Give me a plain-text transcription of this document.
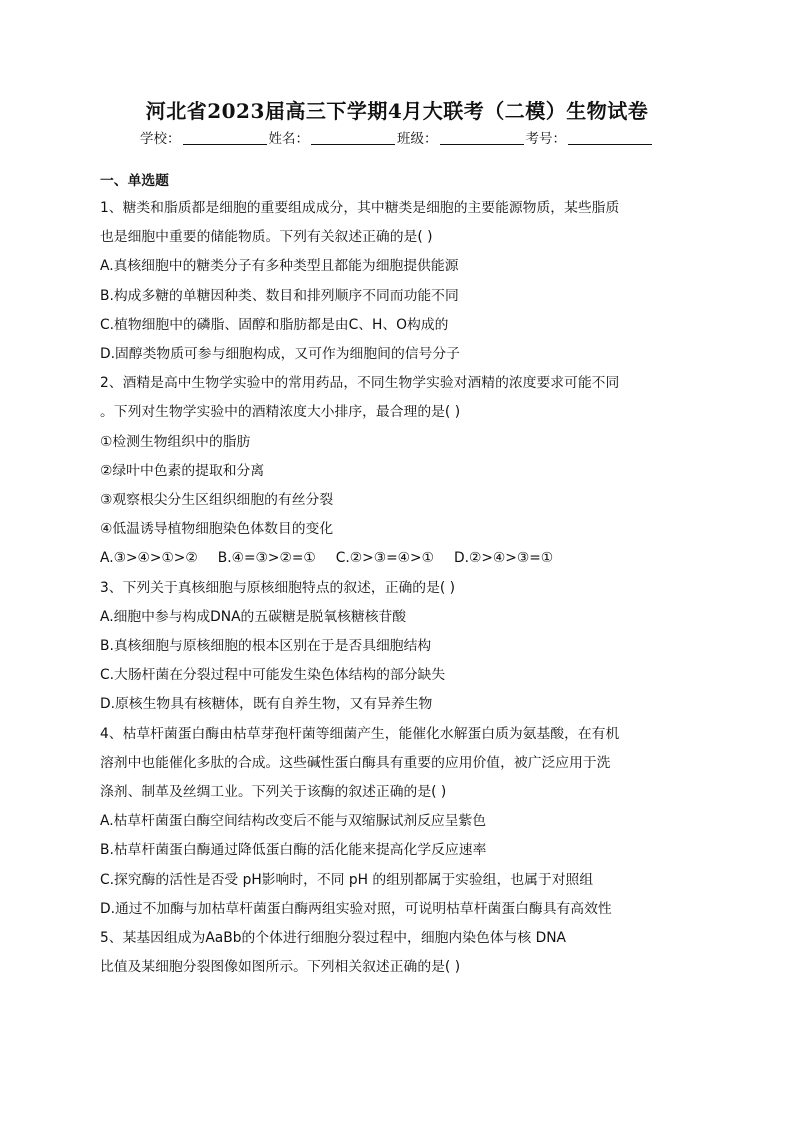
河北省2023届高三下学期4月大联考（二模）生物试卷
学校：	姓名：	班级：	考号：
一、单选题
1、糖类和脂质都是细胞的重要组成成分，其中糖类是细胞的主要能源物质，某些脂质
也是细胞中重要的储能物质。下列有关叙述正确的是( )
A.真核细胞中的糖类分子有多种类型且都能为细胞提供能源
B.构成多糖的单糖因种类、数目和排列顺序不同而功能不同
C.植物细胞中的磷脂、固醇和脂肪都是由C、H、O构成的
D.固醇类物质可参与细胞构成，又可作为细胞间的信号分子
2、酒精是高中生物学实验中的常用药品，不同生物学实验对酒精的浓度要求可能不同
。下列对生物学实验中的酒精浓度大小排序，最合理的是( )
①检测生物组织中的脂肪
②绿叶中色素的提取和分离
③观察根尖分生区组织细胞的有丝分裂
④低温诱导植物细胞染色体数目的变化
A.③>④>①>② B.④=③>②=① C.②>③=④>① D.②>④>③=①
3、下列关于真核细胞与原核细胞特点的叙述，正确的是( )
A.细胞中参与构成DNA的五碳糖是脱氧核糖核苷酸
B.真核细胞与原核细胞的根本区别在于是否具细胞结构
C.大肠杆菌在分裂过程中可能发生染色体结构的部分缺失
D.原核生物具有核糖体，既有自养生物，又有异养生物
4、枯草杆菌蛋白酶由枯草芽孢杆菌等细菌产生，能催化水解蛋白质为氨基酸，在有机
溶剂中也能催化多肽的合成。这些碱性蛋白酶具有重要的应用价值，被广泛应用于洗
涤剂、制革及丝绸工业。下列关于该酶的叙述正确的是( )
A.枯草杆菌蛋白酶空间结构改变后不能与双缩脲试剂反应呈紫色
B.枯草杆菌蛋白酶通过降低蛋白酶的活化能来提高化学反应速率
C.探究酶的活性是否受 pH影响时，不同 pH 的组别都属于实验组，也属于对照组
D.通过不加酶与加枯草杆菌蛋白酶两组实验对照，可说明枯草杆菌蛋白酶具有高效性
5、某基因组成为AaBb的个体进行细胞分裂过程中，细胞内染色体与核 DNA
比值及某细胞分裂图像如图所示。下列相关叙述正确的是( )
